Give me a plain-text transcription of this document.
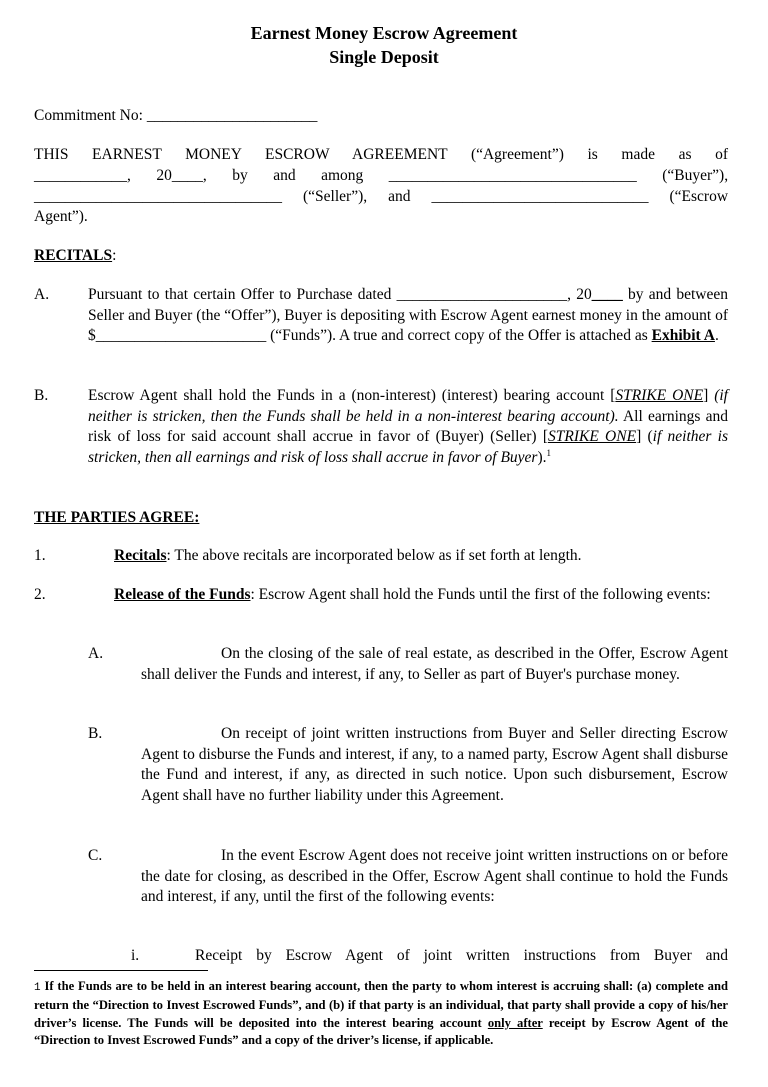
Earnest Money Escrow Agreement
Single Deposit
Commitment No: ______________________
THIS EARNEST MONEY ESCROW AGREEMENT (“Agreement”) is made as of
____________, 20____, by and among ________________________________ (“Buyer”),
________________________________ (“Seller”), and ____________________________ (“Escrow
Agent”).
RECITALS:
A.	Pursuant to that certain Offer to Purchase dated ______________________, 20____ by and between Seller and Buyer (the “Offer”), Buyer is depositing with Escrow Agent earnest money in the amount of $______________________ (“Funds”). A true and correct copy of the Offer is attached as Exhibit A.
B.	Escrow Agent shall hold the Funds in a (non-interest) (interest) bearing account [STRIKE ONE] (if neither is stricken, then the Funds shall be held in a non-interest bearing account). All earnings and risk of loss for said account shall accrue in favor of (Buyer) (Seller) [STRIKE ONE] (if neither is stricken, then all earnings and risk of loss shall accrue in favor of Buyer).$^1$
THE PARTIES AGREE:
1.	Recitals: The above recitals are incorporated below as if set forth at length.
2.	Release of the Funds: Escrow Agent shall hold the Funds until the first of the following events:
A.	On the closing of the sale of real estate, as described in the Offer, Escrow Agent shall deliver the Funds and interest, if any, to Seller as part of Buyer's purchase money.
B.	On receipt of joint written instructions from Buyer and Seller directing Escrow Agent to disburse the Funds and interest, if any, to a named party, Escrow Agent shall disburse the Fund and interest, if any, as directed in such notice. Upon such disbursement, Escrow Agent shall have no further liability under this Agreement.
C.	In the event Escrow Agent does not receive joint written instructions on or before the date for closing, as described in the Offer, Escrow Agent shall continue to hold the Funds and interest, if any, until the first of the following events:
i.	Receipt by Escrow Agent of joint written instructions from Buyer and
1 If the Funds are to be held in an interest bearing account, then the party to whom interest is accruing shall: (a) complete and return the “Direction to Invest Escrowed Funds”, and (b) if that party is an individual, that party shall provide a copy of his/her driver’s license. The Funds will be deposited into the interest bearing account only after receipt by Escrow Agent of the “Direction to Invest Escrowed Funds” and a copy of the driver’s license, if applicable.
